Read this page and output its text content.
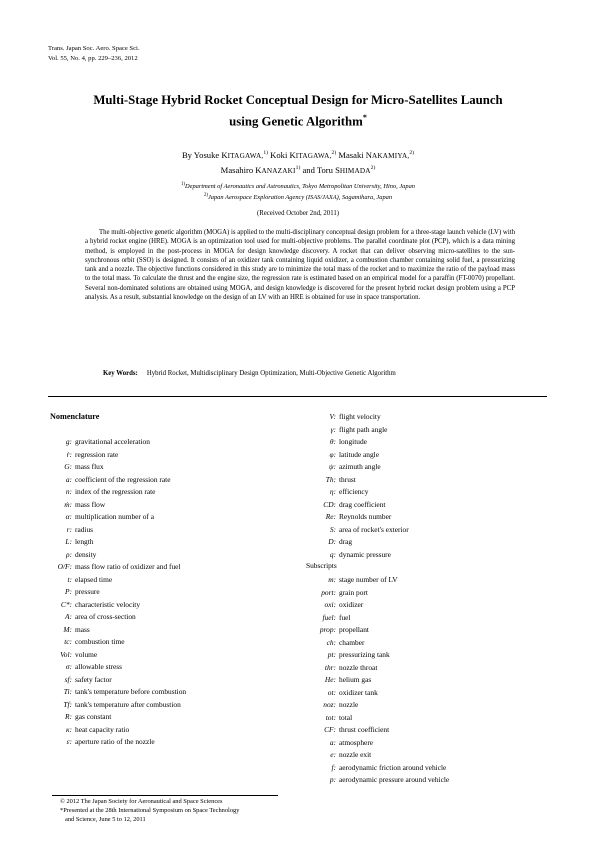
Trans. Japan Soc. Aero. Space Sci.
Vol. 55, No. 4, pp. 229–236, 2012
Multi-Stage Hybrid Rocket Conceptual Design for Micro-Satellites Launch
using Genetic Algorithm*
By Yosuke KITAGAWA,$^{1)}$ Koki KITAGAWA,$^{2)}$ Masaki NAKAMIYA,$^{2)}$
Masahiro KANAZAKI$^{1)}$ and Toru SHIMADA$^{2)}$
$^{1)}$Department of Aeronautics and Astronautics, Tokyo Metropolitan University, Hino, Japan
$^{2)}$Japan Aerospace Exploration Agency (ISAS/JAXA), Sagamihara, Japan
(Received October 2nd, 2011)

The multi-objective genetic algorithm (MOGA) is applied to the multi-disciplinary conceptual design problem for a three-stage launch vehicle (LV) with a hybrid rocket engine (HRE). MOGA is an optimization tool used for multi-objective problems. The parallel coordinate plot (PCP), which is a data mining method, is employed in the post-process in MOGA for design knowledge discovery. A rocket that can deliver observing micro-satellites to the sun-synchronous orbit (SSO) is designed. It consists of an oxidizer tank containing liquid oxidizer, a combustion chamber containing solid fuel, a pressurizing tank and a nozzle. The objective functions considered in this study are to minimize the total mass of the rocket and to maximize the ratio of the payload mass to the total mass. To calculate the thrust and the engine size, the regression rate is estimated based on an empirical model for a paraffin (FT-0070) propellant. Several non-dominated solutions are obtained using MOGA, and design knowledge is discovered for the present hybrid rocket design problem using a PCP analysis. As a result, substantial knowledge on the design of an LV with an HRE is obtained for use in space transportation.

Key Words: Hybrid Rocket, Multidisciplinary Design Optimization, Multi-Objective Genetic Algorithm
Nomenclature
g: gravitational acceleration
ṙ: regression rate
G: mass flux
a: coefficient of the regression rate
n: index of the regression rate
ṁ: mass flow
α: multiplication number of a
r: radius
L: length
ρ: density
O/F: mass flow ratio of oxidizer and fuel
t: elapsed time
P: pressure
C*: characteristic velocity
A: area of cross-section
M: mass
tc: combustion time
Vol: volume
σ: allowable stress
sf: safety factor
Ti: tank's temperature before combustion
Tf: tank's temperature after combustion
R: gas constant
κ: heat capacity ratio
ε: aperture ratio of the nozzle
V: flight velocity
γ: flight path angle
θ: longitude
φ: latitude angle
ψ: azimuth angle
Th: thrust
η: efficiency
CD: drag coefficient
Re: Reynolds number
S: area of rocket's exterior
D: drag
q: dynamic pressure
Subscripts
m: stage number of LV
port: grain port
oxi: oxidizer
fuel: fuel
prop: propellant
ch: chamber
pt: pressurizing tank
thr: nozzle throat
He: helium gas
ot: oxidizer tank
noz: nozzle
tot: total
CF: thrust coefficient
a: atmosphere
e: nozzle exit
f: aerodynamic friction around vehicle
p: aerodynamic pressure around vehicle
© 2012 The Japan Society for Aeronautical and Space Sciences
*Presented at the 28th International Symposium on Space Technology
and Science, June 5 to 12, 2011
